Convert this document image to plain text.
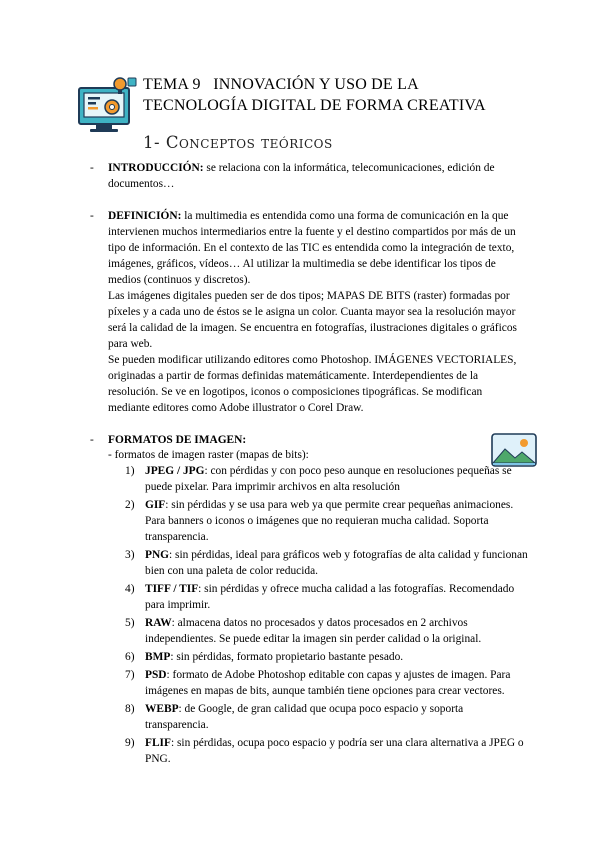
TEMA 9   INNOVACIÓN Y USO DE LA
TECNOLOGÍA DIGITAL DE FORMA CREATIVA
1- Conceptos teóricos
- INTRODUCCIÓN: se relaciona con la informática, telecomunicaciones, edición de documentos…
- DEFINICIÓN: la multimedia es entendida como una forma de comunicación en la que intervienen muchos intermediarios entre la fuente y el destino compartidos por más de un tipo de información. En el contexto de las TIC es entendida como la integración de texto, imágenes, gráficos, vídeos… Al utilizar la multimedia se debe identificar los tipos de medios (continuos y discretos).

Las imágenes digitales pueden ser de dos tipos; MAPAS DE BITS (raster) formadas por píxeles y a cada uno de éstos se le asigna un color. Cuanta mayor sea la resolución mayor será la calidad de la imagen. Se encuentra en fotografías, ilustraciones digitales o gráficos para web.

Se pueden modificar utilizando editores como Photoshop. IMÁGENES VECTORIALES, originadas a partir de formas definidas matemáticamente. Interdependientes de la resolución. Se ve en logotipos, iconos o composiciones tipográficas. Se modifican mediante editores como Adobe illustrator o Corel Draw.

- FORMATOS DE IMAGEN:
- formatos de imagen raster (mapas de bits):
1) JPEG / JPG: con pérdidas y con poco peso aunque en resoluciones pequeñas se puede pixelar. Para imprimir archivos en alta resolución
2) GIF: sin pérdidas y se usa para web ya que permite crear pequeñas animaciones. Para banners o iconos o imágenes que no requieran mucha calidad. Soporta transparencia.
3) PNG: sin pérdidas, ideal para gráficos web y fotografías de alta calidad y funcionan bien con una paleta de color reducida.
4) TIFF / TIF: sin pérdidas y ofrece mucha calidad a las fotografías. Recomendado para imprimir.
5) RAW: almacena datos no procesados y datos procesados en 2 archivos independientes. Se puede editar la imagen sin perder calidad o la original.
6) BMP: sin pérdidas, formato propietario bastante pesado.
7) PSD: formato de Adobe Photoshop editable con capas y ajustes de imagen. Para imágenes en mapas de bits, aunque también tiene opciones para crear vectores.
8) WEBP: de Google, de gran calidad que ocupa poco espacio y soporta transparencia.
9) FLIF: sin pérdidas, ocupa poco espacio y podría ser una clara alternativa a JPEG o PNG.
